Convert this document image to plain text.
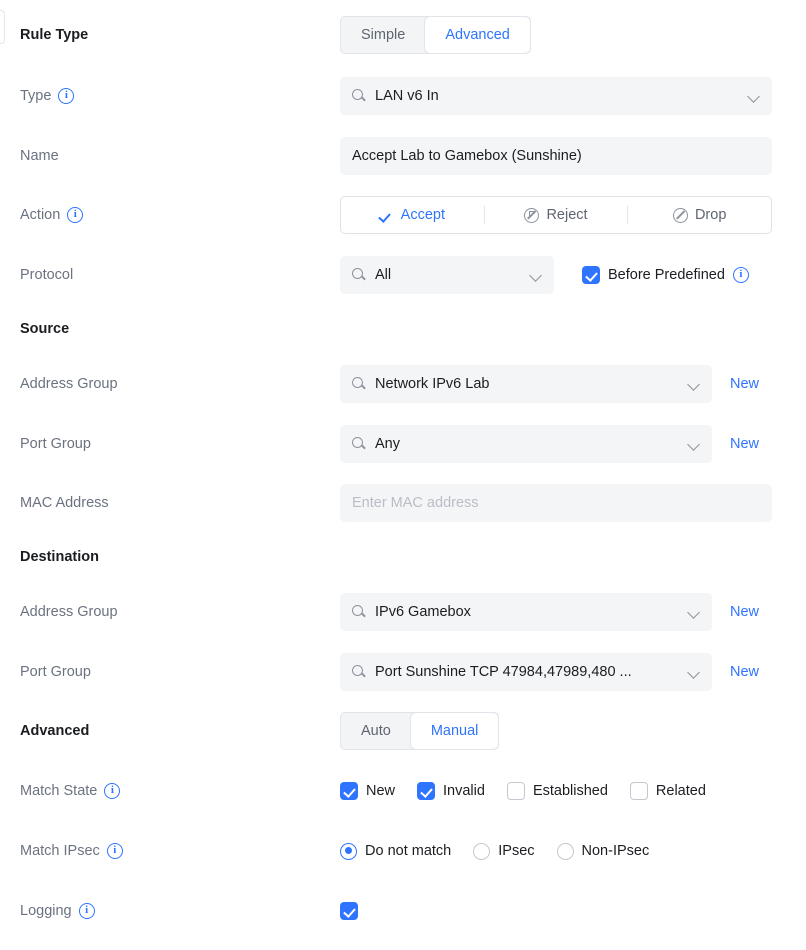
Rule Type	Simple	Advanced
Type	i	LAN v6 In
Name	Accept Lab to Gamebox (Sunshine)
Action	i	Accept	Reject	Drop
Protocol	All	Before Predefined	i
Source
Address Group	Network IPv6 Lab	New
Port Group	Any	New
MAC Address	Enter MAC address
Destination
Address Group	IPv6 Gamebox	New
Port Group	Port Sunshine TCP 47984,47989,480 ...	New
Advanced	Auto	Manual
Match State	i	New	Invalid	Established	Related
Match IPsec	i	Do not match	IPsec	Non-IPsec
Logging	i
